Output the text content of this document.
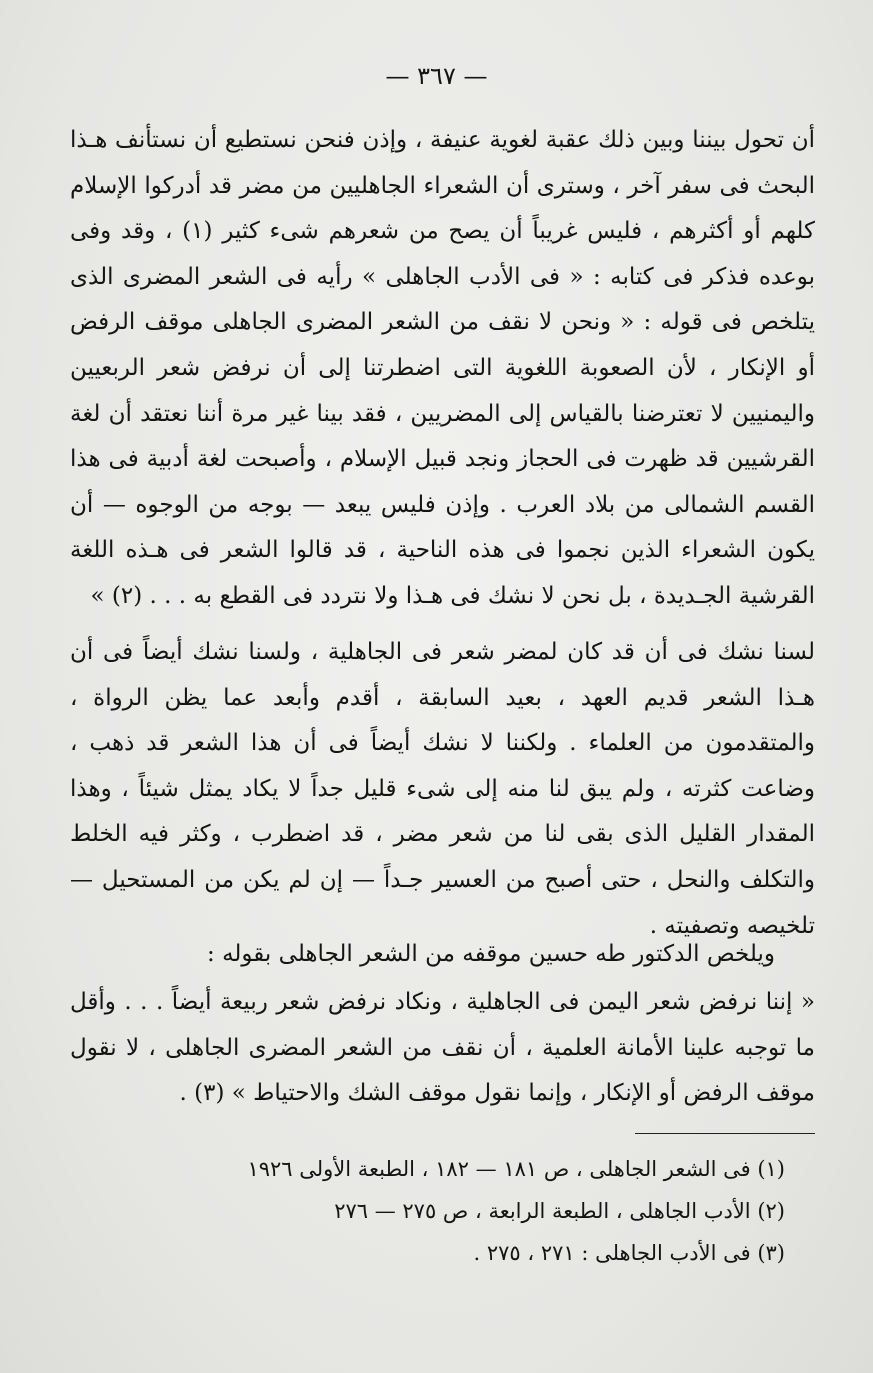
— ٣٦٧ —

أن تحول بيننا وبين ذلك عقبة لغوية عنيفة ، وإذن فنحن نستطيع أن نستأنف هـذا البحث فى سفر آخر ، وسترى أن الشعراء الجاهليين من مضر قد أدركوا الإسلام كلهم أو أكثرهم ، فليس غريباً أن يصح من شعرهم شىء كثير (١) ، وقد وفى بوعده فذكر فى كتابه : « فى الأدب الجاهلى » رأيه فى الشعر المضرى الذى يتلخص فى قوله : « ونحن لا نقف من الشعر المضرى الجاهلى موقف الرفض أو الإنكار ، لأن الصعوبة اللغوية التى اضطرتنا إلى أن نرفض شعر الربعيين واليمنيين لا تعترضنا بالقياس إلى المضريين ، فقد بينا غير مرة أننا نعتقد أن لغة القرشيين قد ظهرت فى الحجاز ونجد قبيل الإسلام ، وأصبحت لغة أدبية فى هذا القسم الشمالى من بلاد العرب . وإذن فليس يبعد — بوجه من الوجوه — أن يكون الشعراء الذين نجموا فى هذه الناحية ، قد قالوا الشعر فى هـذه اللغة القرشية الجـديدة ، بل نحن لا نشك فى هـذا ولا نتردد فى القطع به . . . (٢) »

لسنا نشك فى أن قد كان لمضر شعر فى الجاهلية ، ولسنا نشك أيضاً فى أن هـذا الشعر قديم العهد ، بعيد السابقة ، أقدم وأبعد عما يظن الرواة ، والمتقدمون من العلماء . ولكننا لا نشك أيضاً فى أن هذا الشعر قد ذهب ، وضاعت كثرته ، ولم يبق لنا منه إلى شىء قليل جداً لا يكاد يمثل شيئاً ، وهذا المقدار القليل الذى بقى لنا من شعر مضر ، قد اضطرب ، وكثر فيه الخلط والتكلف والنحل ، حتى أصبح من العسير جـداً — إن لم يكن من المستحيل — تلخيصه وتصفيته .

ويلخص الدكتور طه حسين موقفه من الشعر الجاهلى بقوله :

« إننا نرفض شعر اليمن فى الجاهلية ، ونكاد نرفض شعر ربيعة أيضاً . . . وأقل ما توجبه علينا الأمانة العلمية ، أن نقف من الشعر المضرى الجاهلى ، لا نقول موقف الرفض أو الإنكار ، وإنما نقول موقف الشك والاحتياط » (٣) .

(١) فى الشعر الجاهلى ، ص ١٨١ — ١٨٢ ، الطبعة الأولى ١٩٢٦
(٢) الأدب الجاهلى ، الطبعة الرابعة ، ص ٢٧٥ — ٢٧٦
(٣) فى الأدب الجاهلى : ٢٧١ ، ٢٧٥ .
